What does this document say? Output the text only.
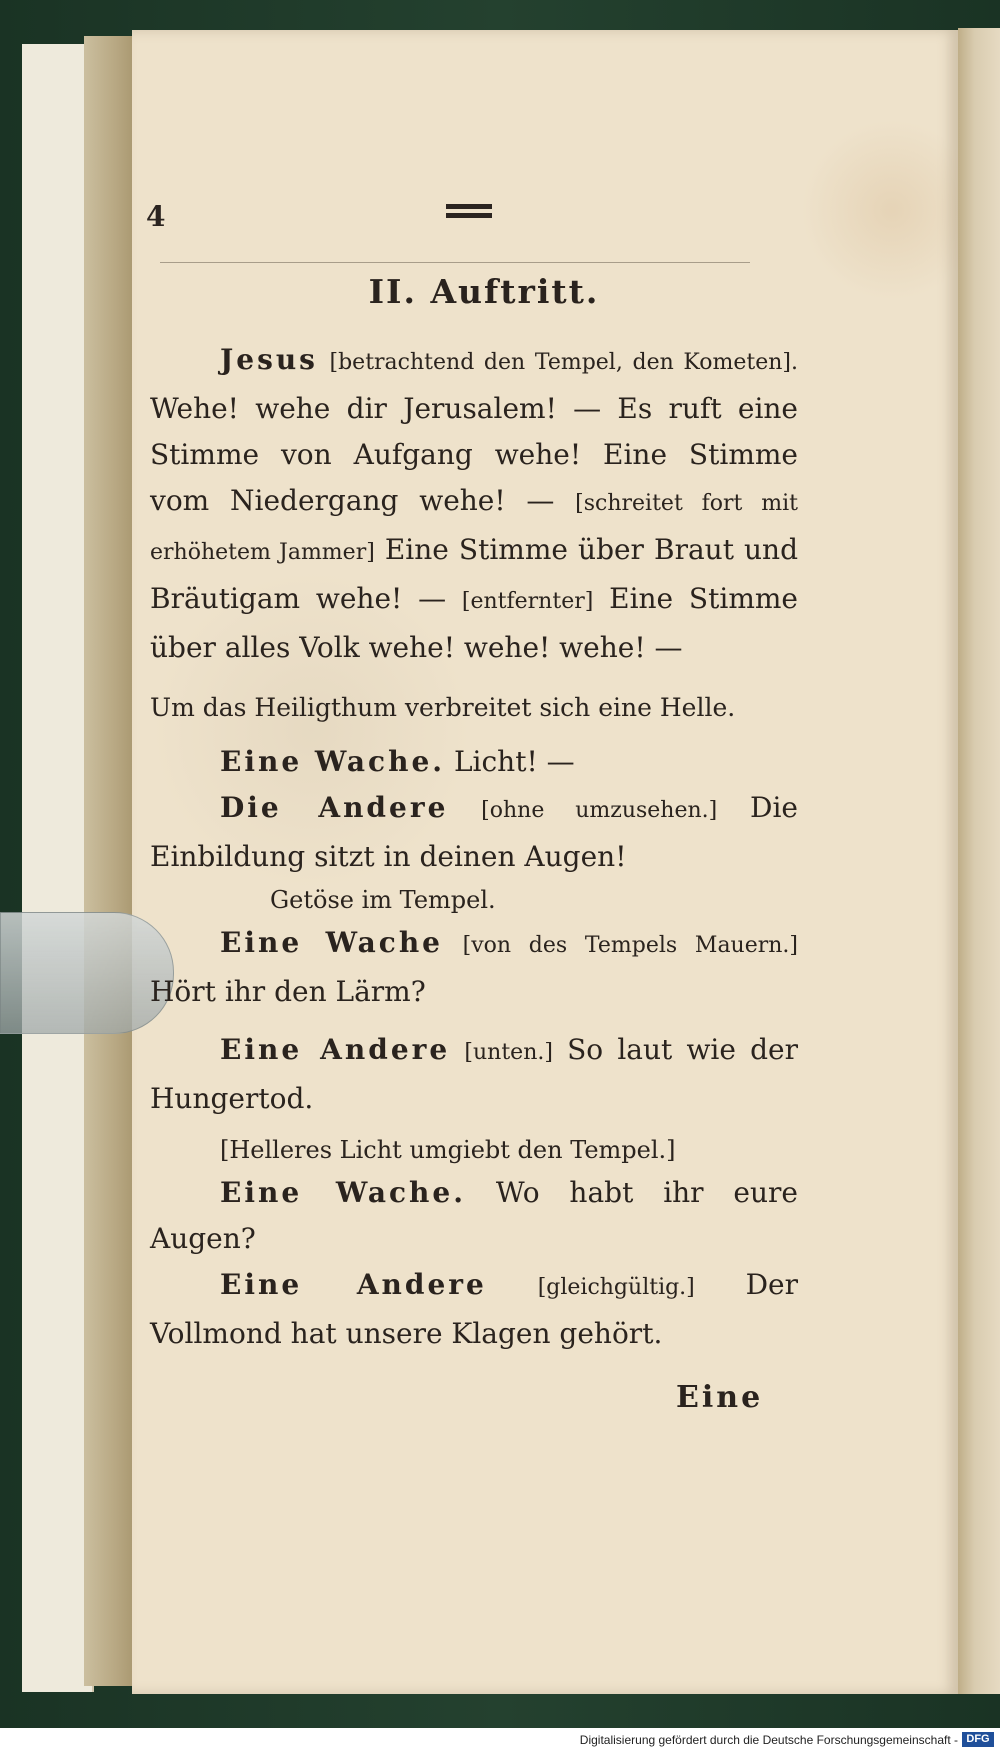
4
II. Auftritt.

Jesus [betrachtend den Tempel, den Kometen]. Wehe! wehe dir Jerusalem! — Es ruft eine Stimme von Aufgang wehe! Eine Stimme vom Niedergang wehe! — [schreitet fort mit erhöhetem Jammer] Eine Stimme über Braut und Bräutigam wehe! — [entfernter] Eine Stimme über alles Volk wehe! wehe! wehe! —

Um das Heiligthum verbreitet sich eine Helle.

Eine Wache. Licht! —

Die Andere [ohne umzusehen.] Die Einbildung sitzt in deinen Augen!

Getöse im Tempel.

Eine Wache [von des Tempels Mauern.] Hört ihr den Lärm?

Eine Andere [unten.] So laut wie der Hungertod.

[Helleres Licht umgiebt den Tempel.]

Eine Wache. Wo habt ihr eure Augen?

Eine Andere [gleichgültig.] Der Vollmond hat unsere Klagen gehört.

Eine
Digitalisierung gefördert durch die Deutsche Forschungsgemeinschaft - DFG
